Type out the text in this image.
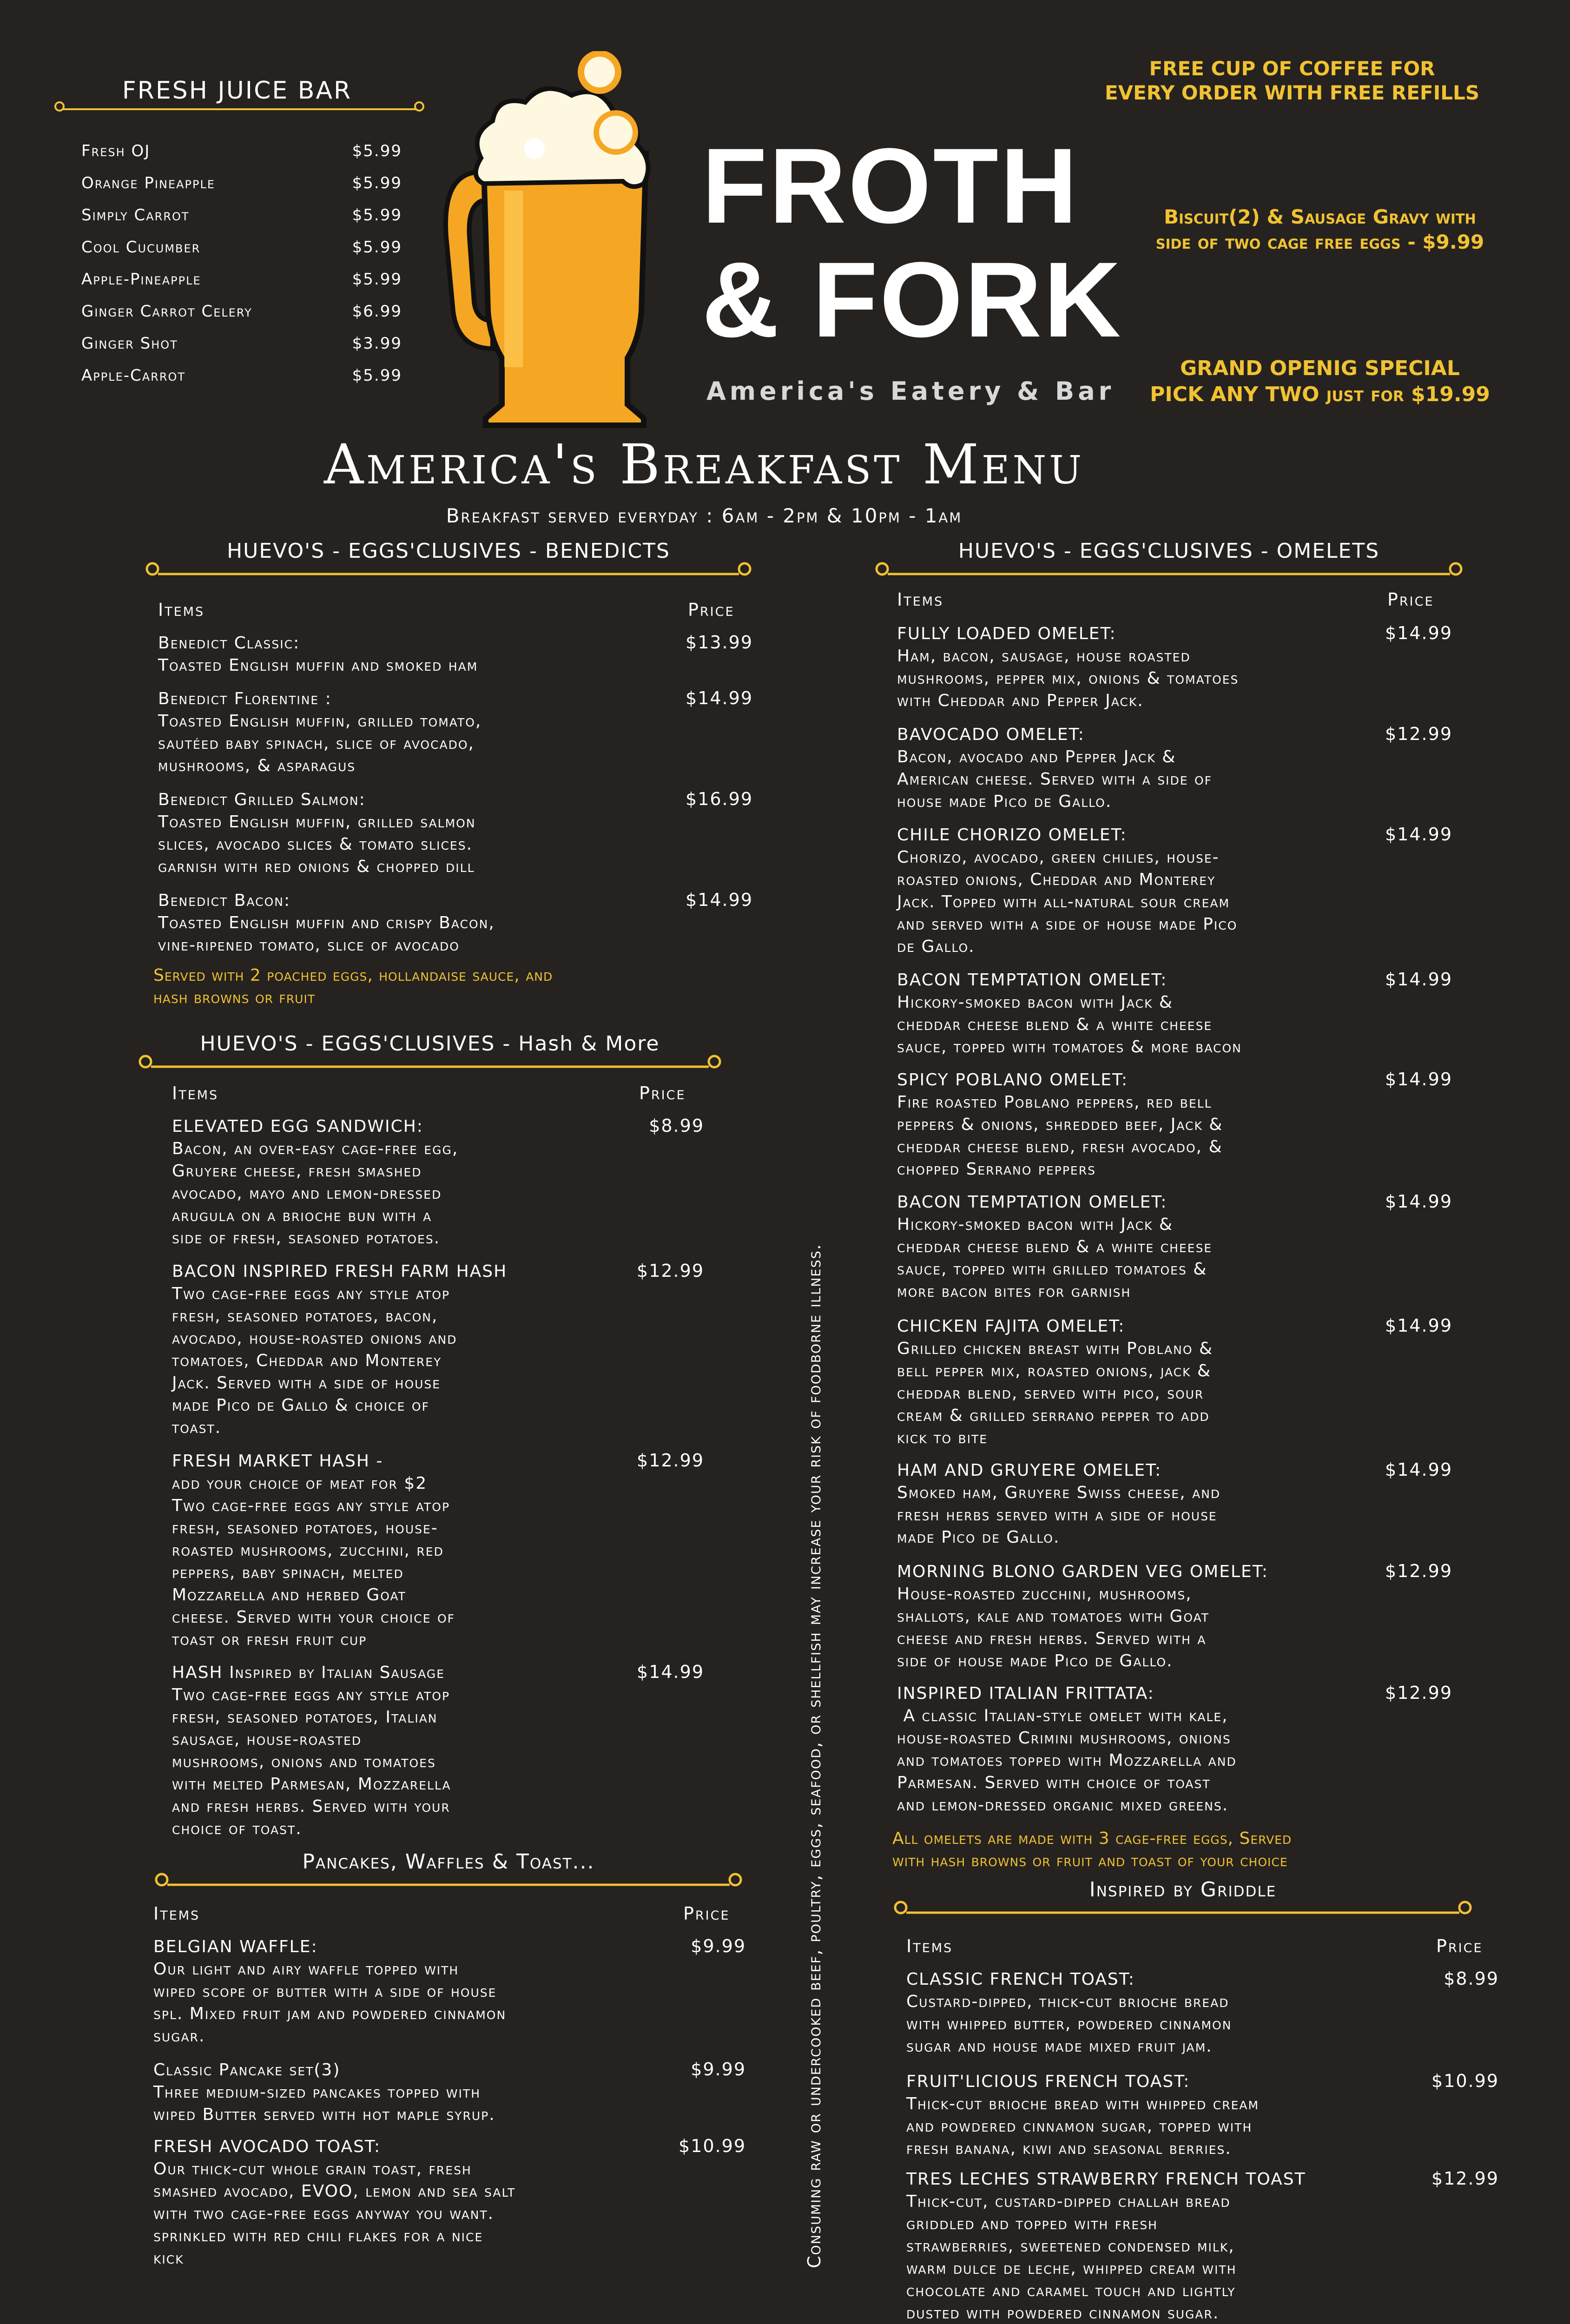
FRESH JUICE BAR
Fresh OJ	$5.99
Orange Pineapple	$5.99
Simply Carrot	$5.99
Cool Cucumber	$5.99
Apple-Pineapple	$5.99
Ginger Carrot Celery	$6.99
Ginger Shot	$3.99
Apple-Carrot	$5.99
FROTH
& FORK
America's Eatery & Bar
FREE CUP OF COFFEE FOR
EVERY ORDER WITH FREE REFILLS
Biscuit(2) & Sausage Gravy with
side of two cage free eggs - $9.99
GRAND OPENIG SPECIAL
PICK ANY TWO just for $19.99
America's Breakfast Menu
Breakfast served everyday : 6am - 2pm & 10pm - 1am
HUEVO'S - EGGS'CLUSIVES - BENEDICTS
Items	Price
Benedict Classic:
Toasted English muffin and smoked ham
$13.99
Benedict Florentine :
Toasted English muffin, grilled tomato,
sautéed baby spinach, slice of avocado,
mushrooms, & asparagus
$14.99
Benedict Grilled Salmon:
Toasted English muffin, grilled salmon
slices, avocado slices & tomato slices.
garnish with red onions & chopped dill
$16.99
Benedict Bacon:
Toasted English muffin and crispy Bacon,
vine-ripened tomato, slice of avocado
$14.99
Served with 2 poached eggs, hollandaise sauce, and
hash browns or fruit
HUEVO'S - EGGS'CLUSIVES - Hash & More
Items	Price
ELEVATED EGG SANDWICH:
Bacon, an over-easy cage-free egg,
Gruyere cheese, fresh smashed
avocado, mayo and lemon-dressed
arugula on a brioche bun with a
side of fresh, seasoned potatoes.
$8.99
BACON INSPIRED FRESH FARM HASH
Two cage-free eggs any style atop
fresh, seasoned potatoes, bacon,
avocado, house-roasted onions and
tomatoes, Cheddar and Monterey
Jack. Served with a side of house
made Pico de Gallo & choice of
toast.
$12.99
FRESH MARKET HASH -
add your choice of meat for $2
Two cage-free eggs any style atop
fresh, seasoned potatoes, house-
roasted mushrooms, zucchini, red
peppers, baby spinach, melted
Mozzarella and herbed Goat
cheese. Served with your choice of
toast or fresh fruit cup
$12.99
HASH Inspired by Italian Sausage
Two cage-free eggs any style atop
fresh, seasoned potatoes, Italian
sausage, house-roasted
mushrooms, onions and tomatoes
with melted Parmesan, Mozzarella
and fresh herbs. Served with your
choice of toast.
$14.99
Pancakes, Waffles & Toast...
Items	Price
BELGIAN WAFFLE:
Our light and airy waffle topped with
wiped scope of butter with a side of house
spl. Mixed fruit jam and powdered cinnamon
sugar.
$9.99
Classic Pancake set(3)
Three medium-sized pancakes topped with
wiped Butter served with hot maple syrup.
$9.99
FRESH AVOCADO TOAST:
Our thick-cut whole grain toast, fresh
smashed avocado, EVOO, lemon and sea salt
with two cage-free eggs anyway you want.
sprinkled with red chili flakes for a nice
kick
$10.99	Consuming raw or undercooked beef, poultry, eggs, seafood, or shellfish may increase your risk of foodborne illness.
HUEVO'S - EGGS'CLUSIVES - OMELETS
Items	Price
FULLY LOADED OMELET:
Ham, bacon, sausage, house roasted
mushrooms, pepper mix, onions & tomatoes
with Cheddar and Pepper Jack.
$14.99
BAVOCADO OMELET:
Bacon, avocado and Pepper Jack &
American cheese. Served with a side of
house made Pico de Gallo.
$12.99
CHILE CHORIZO OMELET:
Chorizo, avocado, green chilies, house-
roasted onions, Cheddar and Monterey
Jack. Topped with all-natural sour cream
and served with a side of house made Pico
de Gallo.
$14.99
BACON TEMPTATION OMELET:
Hickory-smoked bacon with Jack &
cheddar cheese blend & a white cheese
sauce, topped with tomatoes & more bacon
$14.99
SPICY POBLANO OMELET:
Fire roasted Poblano peppers, red bell
peppers & onions, shredded beef, Jack &
cheddar cheese blend, fresh avocado, &
chopped Serrano peppers
$14.99
BACON TEMPTATION OMELET:
Hickory-smoked bacon with Jack &
cheddar cheese blend & a white cheese
sauce, topped with grilled tomatoes &
more bacon bites for garnish
$14.99
CHICKEN FAJITA OMELET:
Grilled chicken breast with Poblano &
bell pepper mix, roasted onions, jack &
cheddar blend, served with pico, sour
cream & grilled serrano pepper to add
kick to bite
$14.99
HAM AND GRUYERE OMELET:
Smoked ham, Gruyere Swiss cheese, and
fresh herbs served with a side of house
made Pico de Gallo.
$14.99
MORNING BLONO GARDEN VEG OMELET:
House-roasted zucchini, mushrooms,
shallots, kale and tomatoes with Goat
cheese and fresh herbs. Served with a
side of house made Pico de Gallo.
$12.99
INSPIRED ITALIAN FRITTATA:
A classic Italian-style omelet with kale,
house-roasted Crimini mushrooms, onions
and tomatoes topped with Mozzarella and
Parmesan. Served with choice of toast
and lemon-dressed organic mixed greens.
$12.99
All omelets are made with 3 cage-free eggs, Served
with hash browns or fruit and toast of your choice
Inspired by Griddle
Items	Price
CLASSIC FRENCH TOAST:
Custard-dipped, thick-cut brioche bread
with whipped butter, powdered cinnamon
sugar and house made mixed fruit jam.
$8.99
FRUIT'LICIOUS FRENCH TOAST:
Thick-cut brioche bread with whipped cream
and powdered cinnamon sugar, topped with
fresh banana, kiwi and seasonal berries.
$10.99
TRES LECHES STRAWBERRY FRENCH TOAST
Thick-cut, custard-dipped challah bread
griddled and topped with fresh
strawberries, sweetened condensed milk,
warm dulce de leche, whipped cream with
chocolate and caramel touch and lightly
dusted with powdered cinnamon sugar.
$12.99
